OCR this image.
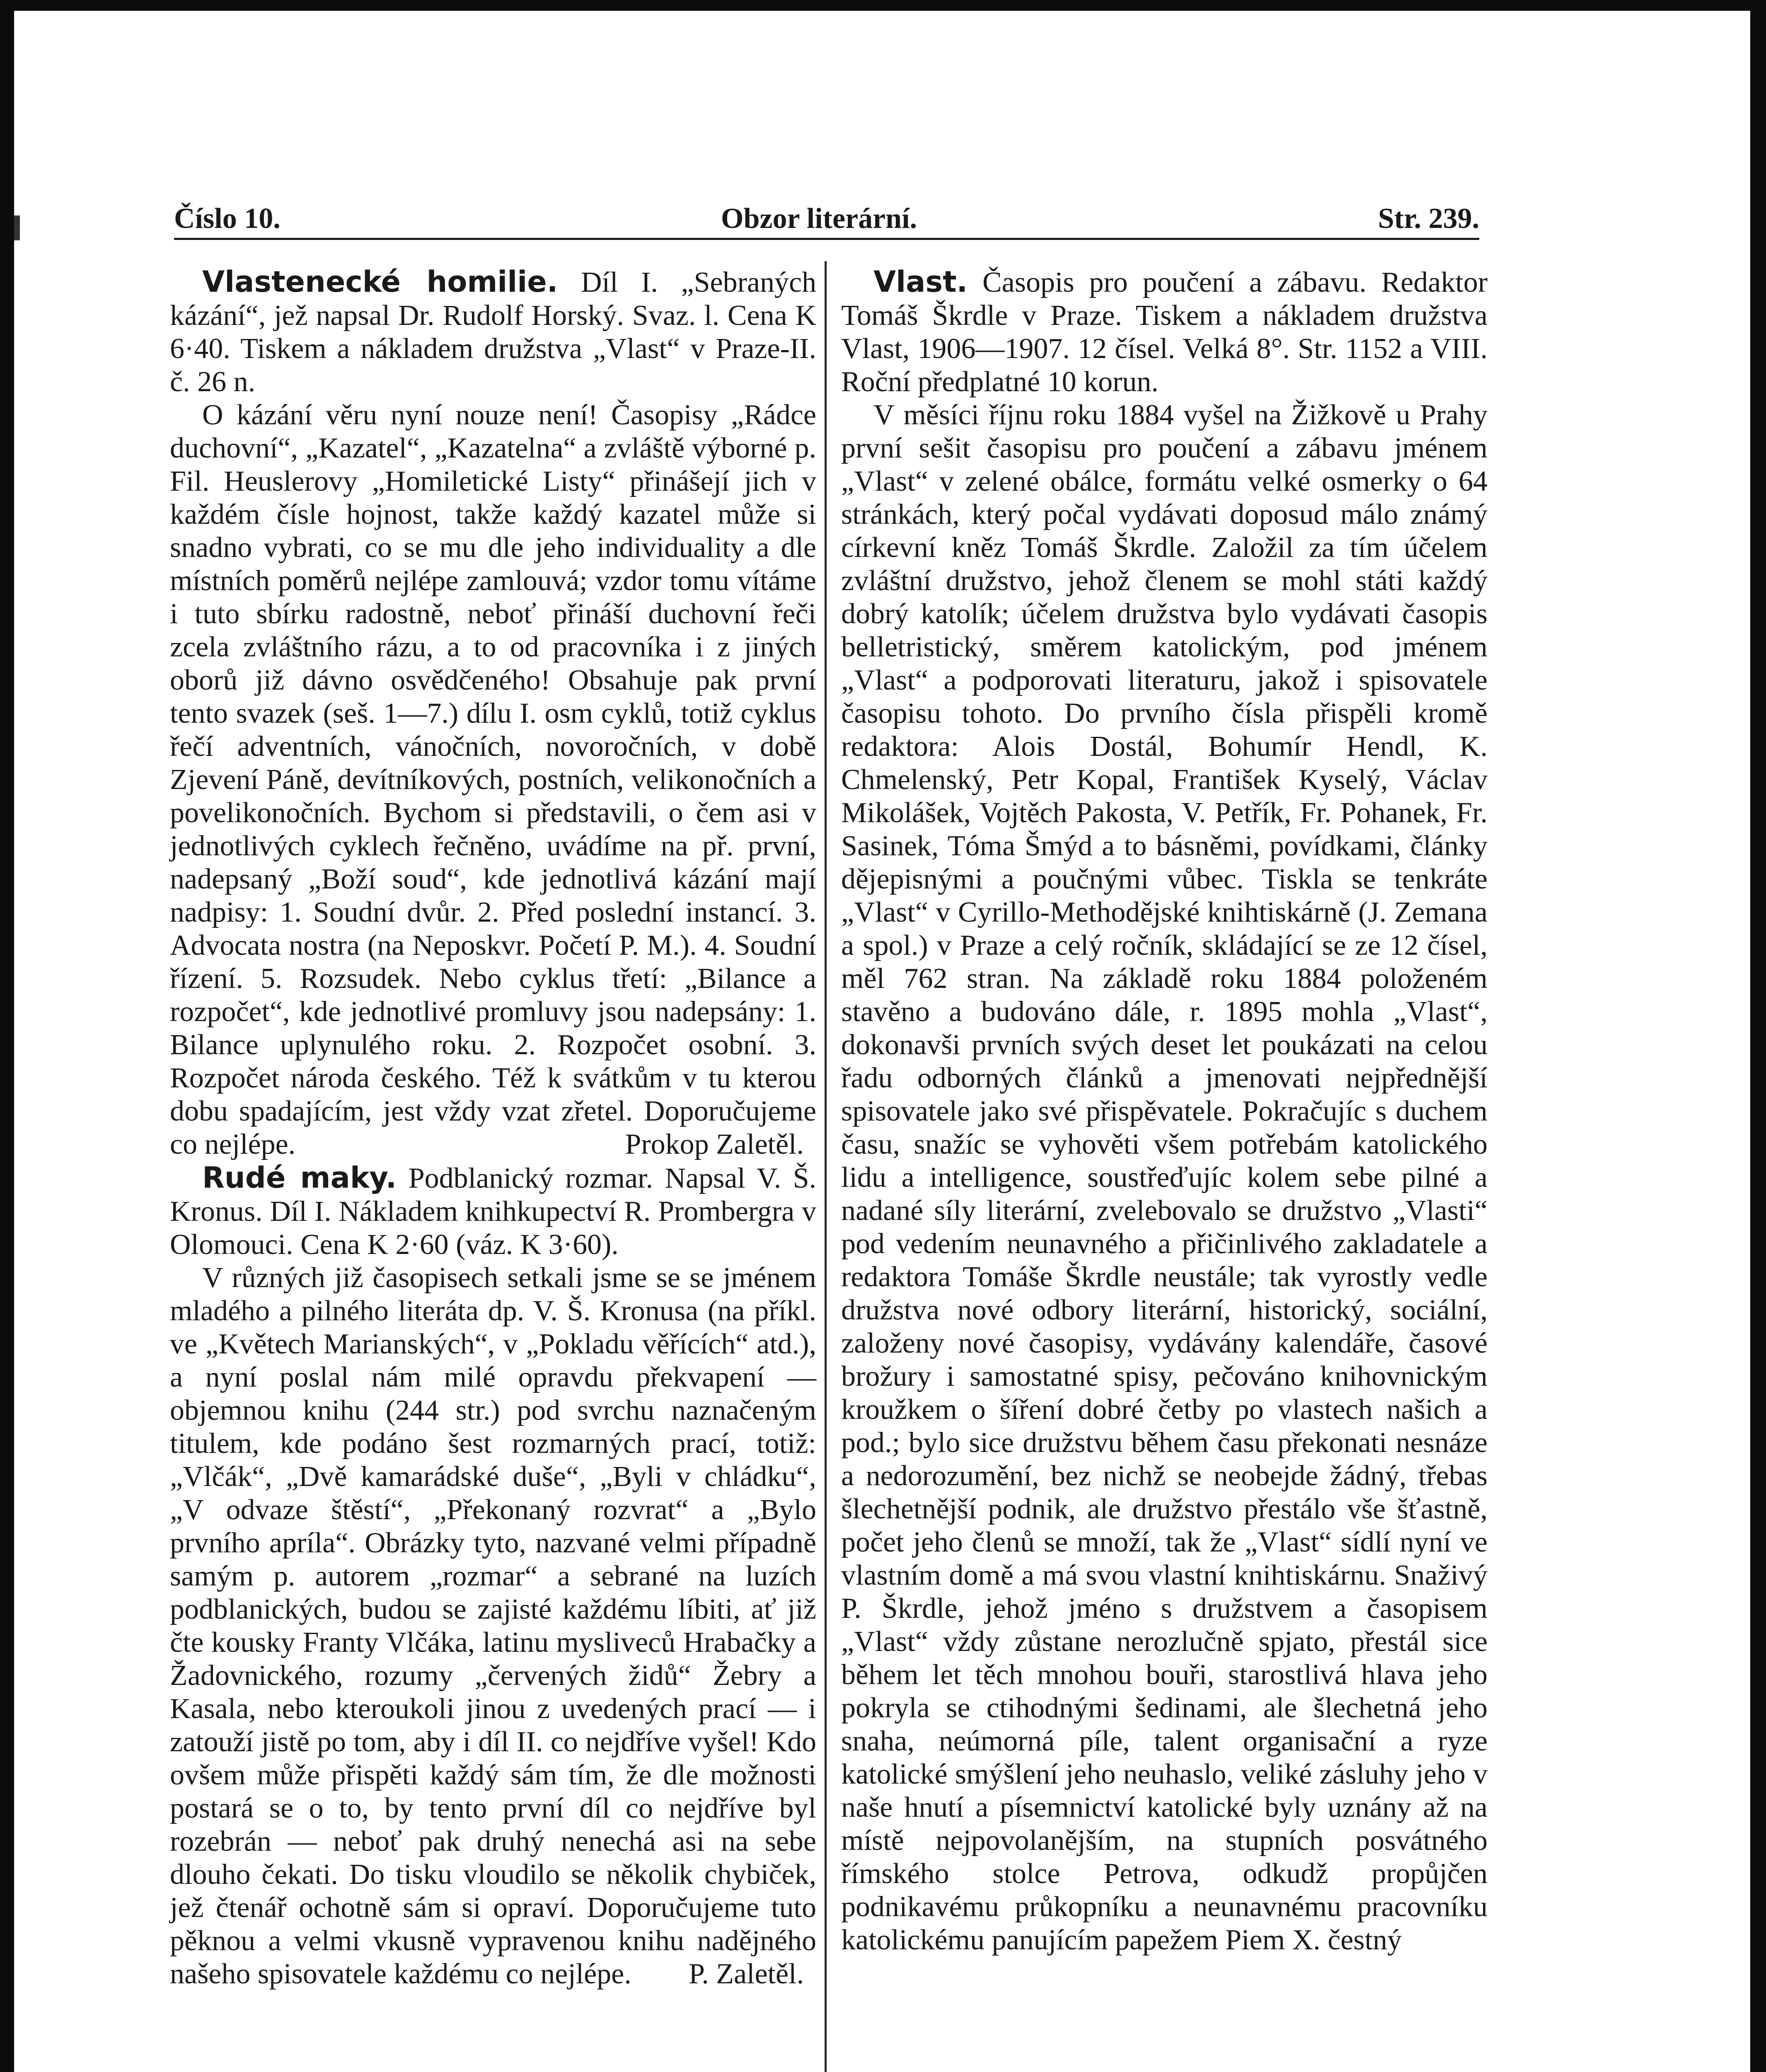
Číslo 10.	Obzor literární.	Str. 239.

Vlastenecké homilie. Díl I. „Sebraných kázání“, jež napsal Dr. Rudolf Horský. Svaz. l. Cena K 6·40. Tiskem a nákladem družstva „Vlast“ v Praze-II. č. 26 n.

O kázání věru nyní nouze není! Časopisy „Rádce duchovní“, „Kazatel“, „Kazatelna“ a zvláště výborné p. Fil. Heuslerovy „Homiletické Listy“ přinášejí jich v každém čísle hojnost, takže každý kazatel může si snadno vybrati, co se mu dle jeho individuality a dle místních poměrů nejlépe zamlouvá; vzdor tomu vítáme i tuto sbírku radostně, neboť přináší duchovní řeči zcela zvláštního rázu, a to od pracovníka i z jiných oborů již dávno osvědčeného! Obsahuje pak první tento svazek (seš. 1—7.) dílu I. osm cyklů, totiž cyklus řečí adventních, vánočních, novoročních, v době Zjevení Páně, devítníkových, postních, velikonočních a povelikonočních. Bychom si představili, o čem asi v jednotlivých cyklech řečněno, uvádíme na př. první, nadepsaný „Boží soud“, kde jednotlivá kázání mají nadpisy: 1. Soudní dvůr. 2. Před poslední instancí. 3. Advocata nostra (na Neposkvr. Početí P. M.). 4. Soudní řízení. 5. Rozsudek. Nebo cyklus třetí: „Bilance a rozpočet“, kde jednotlivé promluvy jsou nadepsány: 1. Bilance uplynulého roku. 2. Rozpočet osobní. 3. Rozpočet národa českého. Též k svátkům v tu kterou dobu spadajícím, jest vždy vzat zřetel. Doporučujeme co nejlépe.	Prokop Zaletěl.

Rudé maky. Podblanický rozmar. Napsal V. Š. Kronus. Díl I. Nákladem knihkupectví R. Prombergra v Olomouci. Cena K 2·60 (váz. K 3·60).

V různých již časopisech setkali jsme se se jménem mladého a pilného literáta dp. V. Š. Kronusa (na příkl. ve „Květech Marianských“, v „Pokladu věřících“ atd.), a nyní poslal nám milé opravdu překvapení — objemnou knihu (244 str.) pod svrchu naznačeným titulem, kde podáno šest rozmarných prací, totiž: „Vlčák“, „Dvě kamarádské duše“, „Byli v chládku“, „V odvaze štěstí“, „Překonaný rozvrat“ a „Bylo prvního apríla“. Obrázky tyto, nazvané velmi případně samým p. autorem „rozmar“ a sebrané na luzích podblanických, budou se zajisté každému líbiti, ať již čte kousky Franty Vlčáka, latinu mysliveců Hrabačky a Žadovnického, rozumy „červených židů“ Žebry a Kasala, nebo kteroukoli jinou z uvedených prací — i zatouží jistě po tom, aby i díl II. co nejdříve vyšel! Kdo ovšem může přispěti každý sám tím, že dle možnosti postará se o to, by tento první díl co nejdříve byl rozebrán — neboť pak druhý nenechá asi na sebe dlouho čekati. Do tisku vloudilo se několik chybiček, jež čtenář ochotně sám si opraví. Doporučujeme tuto pěknou a velmi vkusně vypravenou knihu nadějného našeho spisovatele každému co nejlépe.	P. Zaletěl.

Vlast. Časopis pro poučení a zábavu. Redaktor Tomáš Škrdle v Praze. Tiskem a nákladem družstva Vlast, 1906—1907. 12 čísel. Velká 8°. Str. 1152 a VIII. Roční předplatné 10 korun.

V měsíci říjnu roku 1884 vyšel na Žižkově u Prahy první sešit časopisu pro poučení a zábavu jménem „Vlast“ v zelené obálce, formátu velké osmerky o 64 stránkách, který počal vydávati doposud málo známý církevní kněz Tomáš Škrdle. Založil za tím účelem zvláštní družstvo, jehož členem se mohl státi každý dobrý katolík; účelem družstva bylo vydávati časopis belletristický, směrem katolickým, pod jménem „Vlast“ a podporovati literaturu, jakož i spisovatele časopisu tohoto. Do prvního čísla přispěli kromě redaktora: Alois Dostál, Bohumír Hendl, K. Chmelenský, Petr Kopal, František Kyselý, Václav Mikolášek, Vojtěch Pakosta, V. Petřík, Fr. Pohanek, Fr. Sasinek, Tóma Šmýd a to básněmi, povídkami, články dějepisnými a poučnými vůbec. Tiskla se tenkráte „Vlast“ v Cyrillo-Methodějské knihtiskárně (J. Zemana a spol.) v Praze a celý ročník, skládající se ze 12 čísel, měl 762 stran. Na základě roku 1884 položeném stavěno a budováno dále, r. 1895 mohla „Vlast“, dokonavši prvních svých deset let poukázati na celou řadu odborných článků a jmenovati nejpřednější spisovatele jako své přispěvatele. Pokračujíc s duchem času, snažíc se vyhověti všem potřebám katolického lidu a intelligence, soustřeďujíc kolem sebe pilné a nadané síly literární, zvelebovalo se družstvo „Vlasti“ pod vedením neunavného a přičinlivého zakladatele a redaktora Tomáše Škrdle neustále; tak vyrostly vedle družstva nové odbory literární, historický, sociální, založeny nové časopisy, vydávány kalendáře, časové brožury i samostatné spisy, pečováno knihovnickým kroužkem o šíření dobré četby po vlastech našich a pod.; bylo sice družstvu během času překonati nesnáze a nedorozumění, bez nichž se neobejde žádný, třebas šlechetnější podnik, ale družstvo přestálo vše šťastně, počet jeho členů se množí, tak že „Vlast“ sídlí nyní ve vlastním domě a má svou vlastní knihtiskárnu. Snaživý P. Škrdle, jehož jméno s družstvem a časopisem „Vlast“ vždy zůstane nerozlučně spjato, přestál sice během let těch mnohou bouři, starostlivá hlava jeho pokryla se ctihodnými šedinami, ale šlechetná jeho snaha, neúmorná píle, talent organisační a ryze katolické smýšlení jeho neuhaslo, veliké zásluhy jeho v naše hnutí a písemnictví katolické byly uznány až na místě nejpovolanějším, na stupních posvátného římského stolce Petrova, odkudž propůjčen podnikavému průkopníku a neunavnému pracovníku katolickému panujícím papežem Piem X. čestný
